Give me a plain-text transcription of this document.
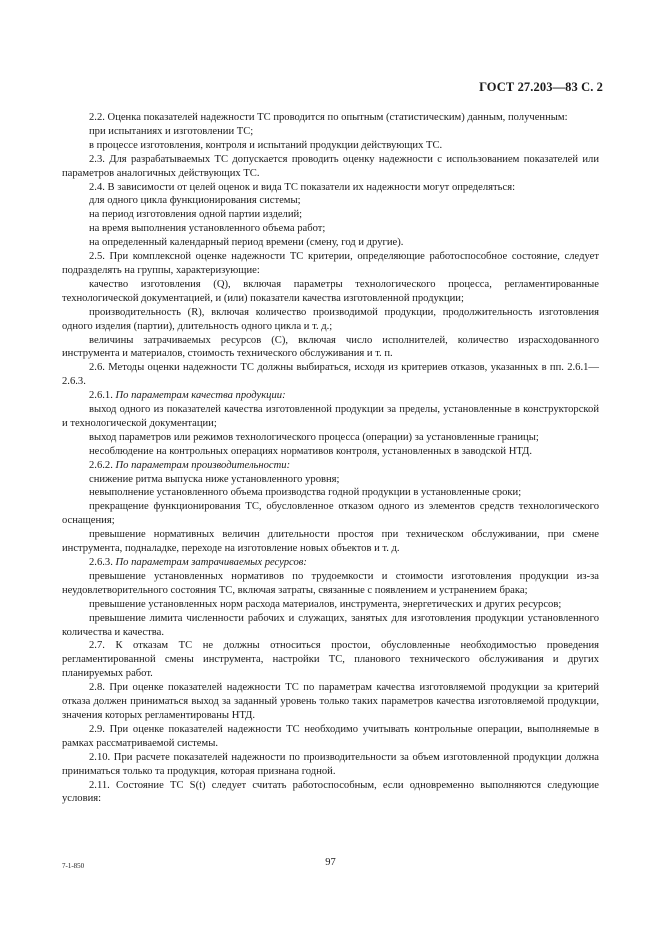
ГОСТ 27.203—83 С. 2

2.2. Оценка показателей надежности ТС проводится по опытным (статистическим) данным, полученным:

при испытаниях и изготовлении ТС;

в процессе изготовления, контроля и испытаний продукции действующих ТС.

2.3. Для разрабатываемых ТС допускается проводить оценку надежности с использованием показателей или параметров аналогичных действующих ТС.

2.4. В зависимости от целей оценок и вида ТС показатели их надежности могут определяться:

для одного цикла функционирования системы;

на период изготовления одной партии изделий;

на время выполнения установленного объема работ;

на определенный календарный период времени (смену, год и другие).

2.5. При комплексной оценке надежности ТС критерии, определяющие работоспособное состояние, следует подразделять на группы, характеризующие:

качество изготовления (Q), включая параметры технологического процесса, регламентированные технологической документацией, и (или) показатели качества изготовленной продукции;

производительность (R), включая количество производимой продукции, продолжительность изготовления одного изделия (партии), длительность одного цикла и т. д.;

величины затрачиваемых ресурсов (C), включая число исполнителей, количество израсходованного инструмента и материалов, стоимость технического обслуживания и т. п.

2.6. Методы оценки надежности ТС должны выбираться, исходя из критериев отказов, указанных в пп. 2.6.1—2.6.3.

2.6.1. По параметрам качества продукции:

выход одного из показателей качества изготовленной продукции за пределы, установленные в конструкторской и технологической документации;

выход параметров или режимов технологического процесса (операции) за установленные границы;

несоблюдение на контрольных операциях нормативов контроля, установленных в заводской НТД.

2.6.2. По параметрам производительности:

снижение ритма выпуска ниже установленного уровня;

невыполнение установленного объема производства годной продукции в установленные сроки;

прекращение функционирования ТС, обусловленное отказом одного из элементов средств технологического оснащения;

превышение нормативных величин длительности простоя при техническом обслуживании, при смене инструмента, подналадке, переходе на изготовление новых объектов и т. д.

2.6.3. По параметрам затрачиваемых ресурсов:

превышение установленных нормативов по трудоемкости и стоимости изготовления продукции из-за неудовлетворительного состояния ТС, включая затраты, связанные с появлением и устранением брака;

превышение установленных норм расхода материалов, инструмента, энергетических и других ресурсов;

превышение лимита численности рабочих и служащих, занятых для изготовления продукции установленного количества и качества.

2.7. К отказам ТС не должны относиться простои, обусловленные необходимостью проведения регламентированной смены инструмента, настройки ТС, планового технического обслуживания и других планируемых работ.

2.8. При оценке показателей надежности ТС по параметрам качества изготовляемой продукции за критерий отказа должен приниматься выход за заданный уровень только таких параметров качества изготовляемой продукции, значения которых регламентированы НТД.

2.9. При оценке показателей надежности ТС необходимо учитывать контрольные операции, выполняемые в рамках рассматриваемой системы.

2.10. При расчете показателей надежности по производительности за объем изготовленной продукции должна приниматься только та продукция, которая признана годной.

2.11. Состояние ТС S(t) следует считать работоспособным, если одновременно выполняются следующие условия:

7-1-850	97
